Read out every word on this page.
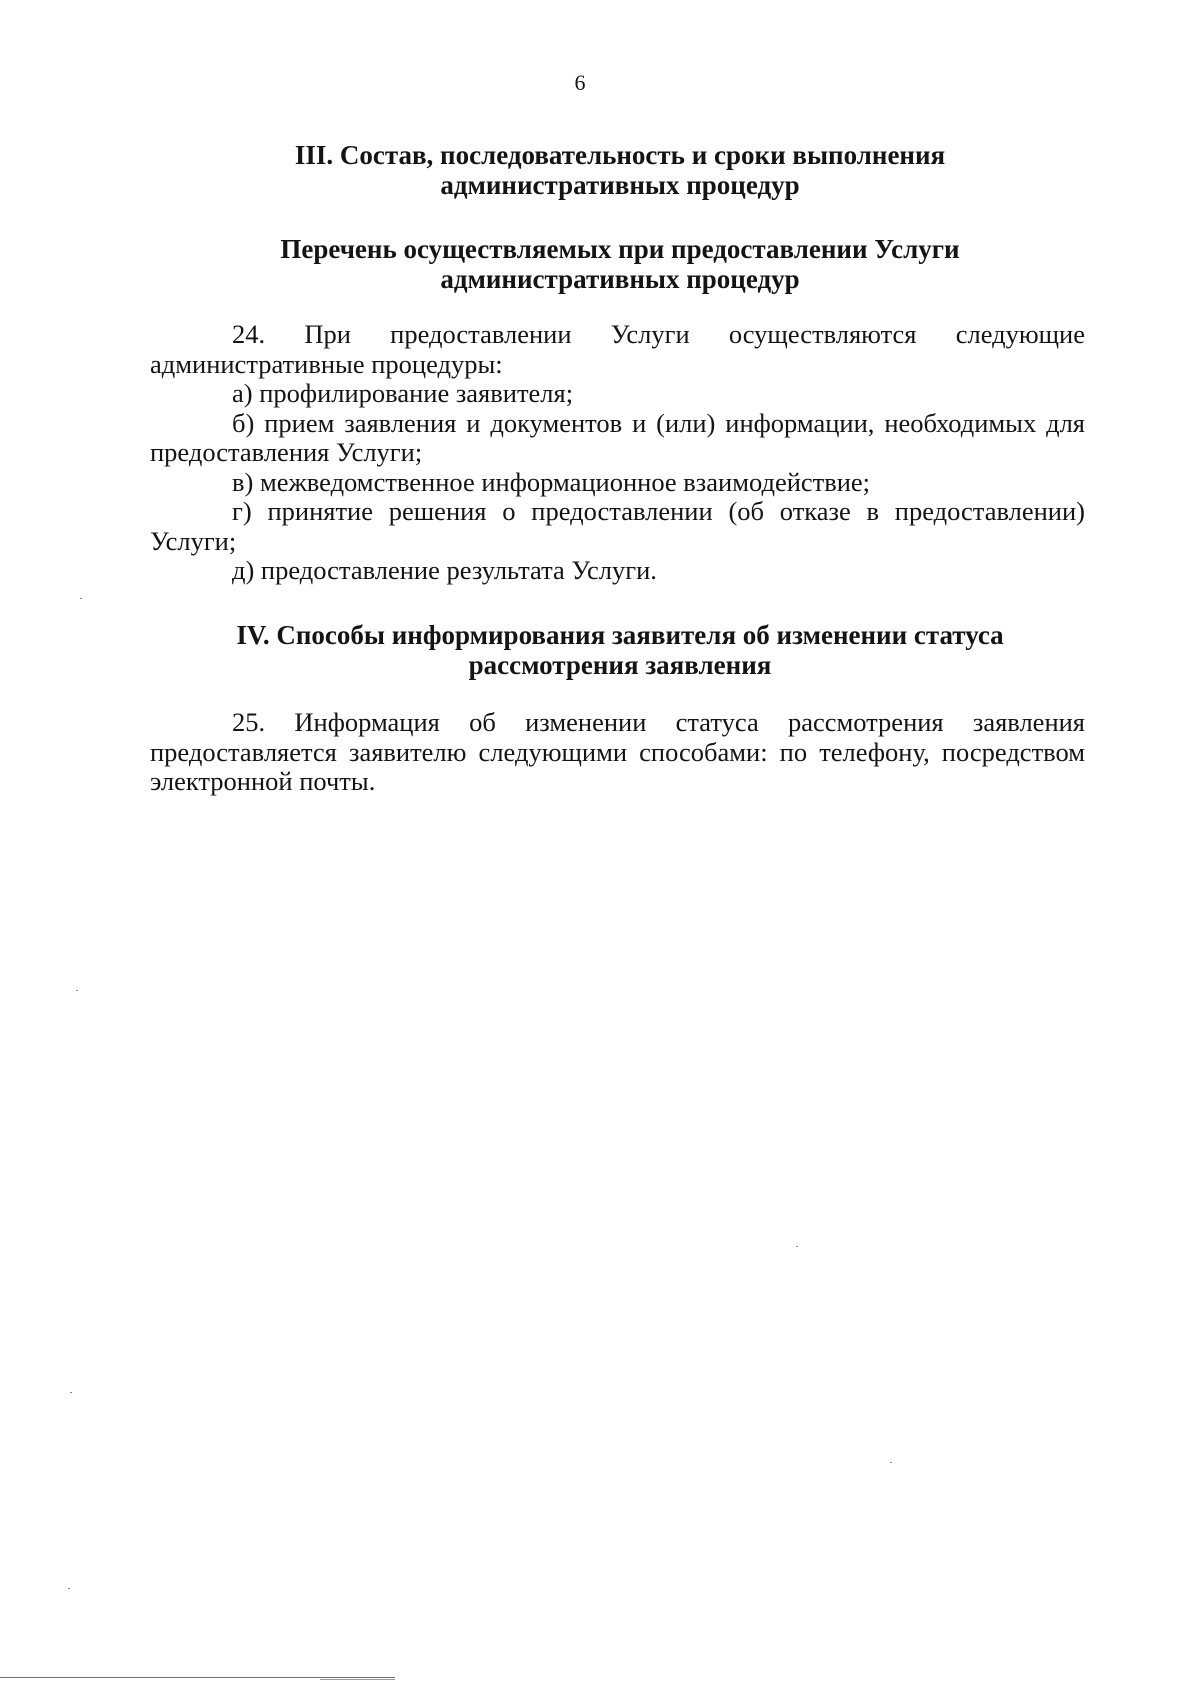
6
III. Состав, последовательность и сроки выполнения
административных процедур
Перечень осуществляемых при предоставлении Услуги
административных процедур

24. При предоставлении Услуги осуществляются следующие административные процедуры:

а) профилирование заявителя;

б) прием заявления и документов и (или) информации, необходимых для предоставления Услуги;

в) межведомственное информационное взаимодействие;

г) принятие решения о предоставлении (об отказе в предоставлении) Услуги;

д) предоставление результата Услуги.

IV. Способы информирования заявителя об изменении статуса
рассмотрения заявления

25. Информация об изменении статуса рассмотрения заявления предоставляется заявителю следующими способами: по телефону, посредством электронной почты.
